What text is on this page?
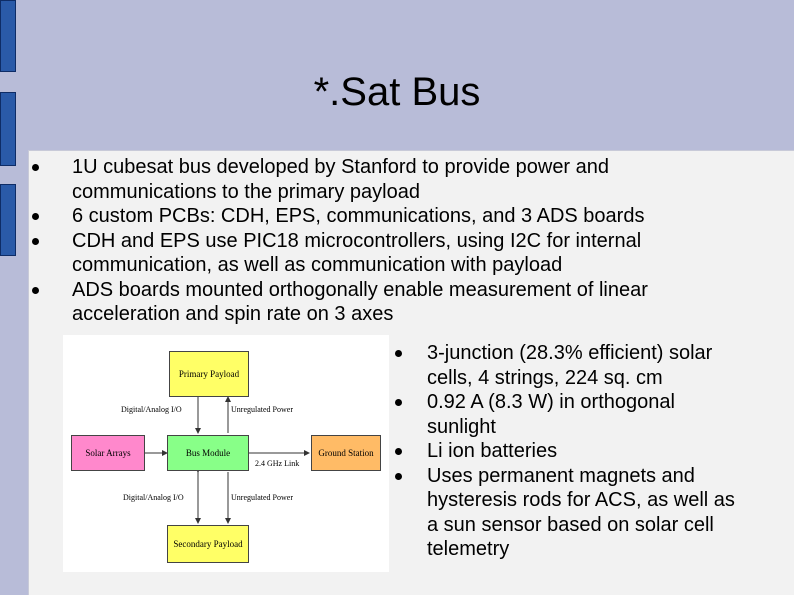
*.Sat Bus
1U cubesat bus developed by Stanford to provide power and
communications to the primary payload
6 custom PCBs: CDH, EPS, communications, and 3 ADS boards
CDH and EPS use PIC18 microcontrollers, using I2C for internal
communication, as well as communication with payload
ADS boards mounted orthogonally enable measurement of linear
acceleration and spin rate on 3 axes
Primary Payload
Solar Arrays	Bus Module	Ground Station
Secondary Payload
Digital/Analog I/O	Unregulated Power
2.4 GHz Link
Digital/Analog I/O	Unregulated Power
3-junction (28.3% efficient) solar
cells, 4 strings, 224 sq. cm
0.92 A (8.3 W) in orthogonal
sunlight
Li ion batteries
Uses permanent magnets and
hysteresis rods for ACS, as well as
a sun sensor based on solar cell
telemetry
